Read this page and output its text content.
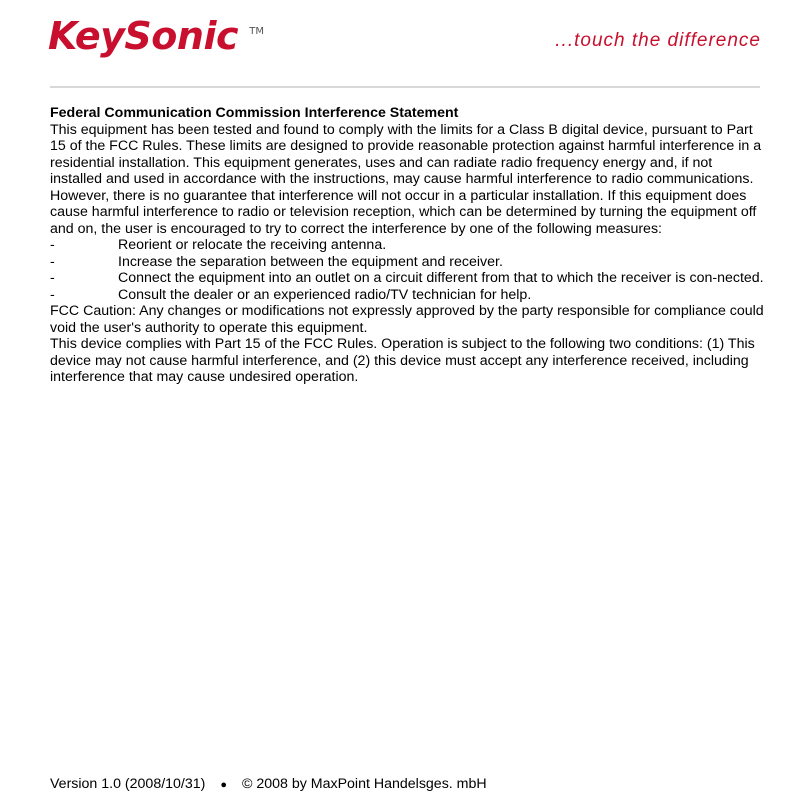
KeySonic TM	...touch the difference

Federal Communication Commission Interference Statement

This equipment has been tested and found to comply with the limits for a Class B digital device, pursuant to Part 15 of the FCC Rules. These limits are designed to provide reasonable protection against harmful interference in a residential installation. This equipment generates, uses and can radiate radio frequency energy and, if not installed and used in accordance with the instructions, may cause harmful interference to radio communications. However, there is no guarantee that interference will not occur in a particular installation. If this equipment does cause harmful interference to radio or television reception, which can be determined by turning the equipment off and on, the user is encouraged to try to correct the interference by one of the following measures:

-	Reorient or relocate the receiving antenna.
-	Increase the separation between the equipment and receiver.
-	Connect the equipment into an outlet on a circuit different from that to which the receiver is con-nected.
-	Consult the dealer or an experienced radio/TV technician for help.

FCC Caution: Any changes or modifications not expressly approved by the party responsible for compliance could void the user's authority to operate this equipment.

This device complies with Part 15 of the FCC Rules. Operation is subject to the following two conditions: (1) This device may not cause harmful interference, and (2) this device must accept any interference received, including interference that may cause undesired operation.

Version 1.0 (2008/10/31) ● © 2008 by MaxPoint Handelsges. mbH
